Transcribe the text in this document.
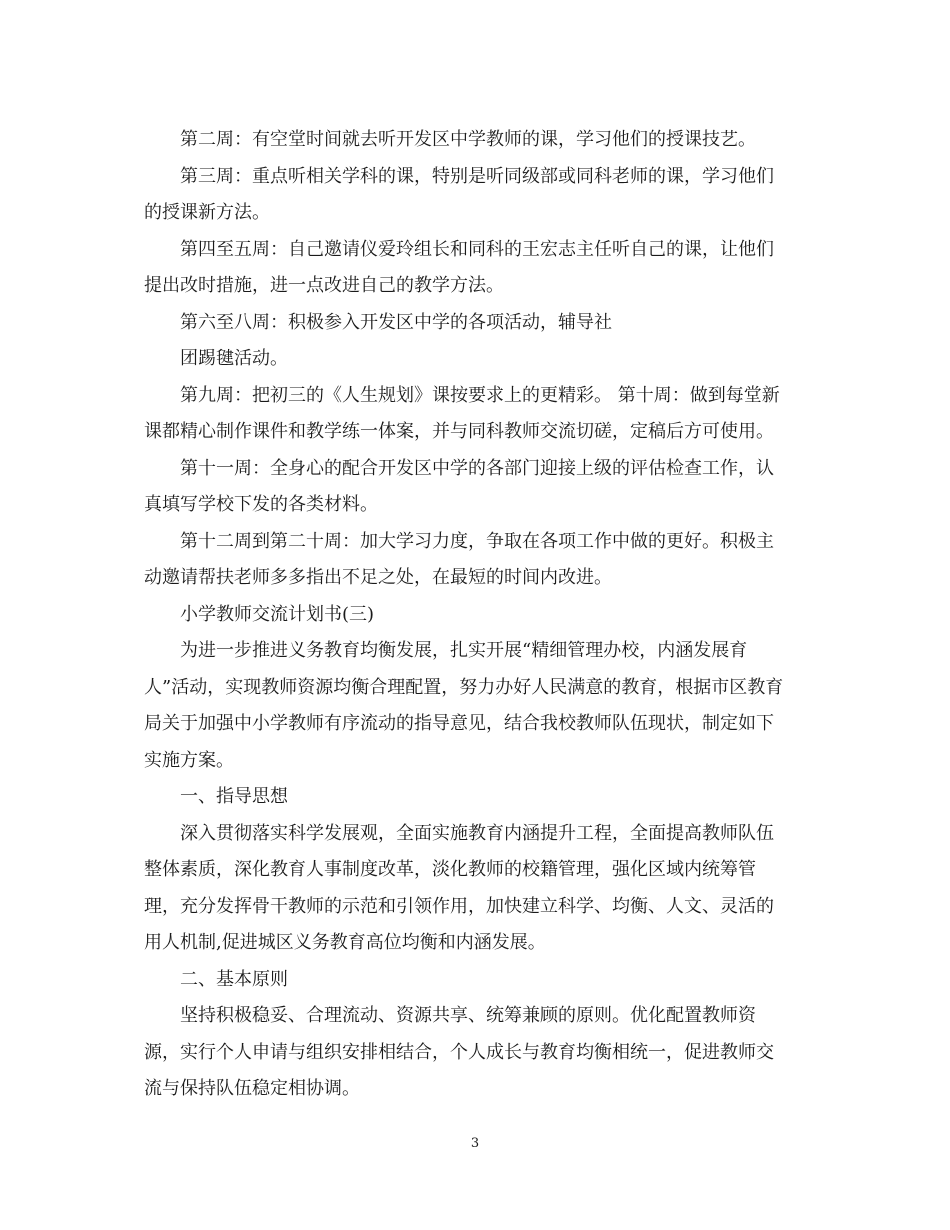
第二周：有空堂时间就去听开发区中学教师的课，学习他们的授课技艺。
第三周：重点听相关学科的课，特别是听同级部或同科老师的课，学习他们
的授课新方法。
第四至五周：自己邀请仪爱玲组长和同科的王宏志主任听自己的课，让他们
提出改时措施，进一点改进自己的教学方法。
第六至八周：积极参入开发区中学的各项活动，辅导社
团踢毽活动。
第九周：把初三的《人生规划》课按要求上的更精彩。 第十周：做到每堂新
课都精心制作课件和教学练一体案，并与同科教师交流切磋，定稿后方可使用。
第十一周：全身心的配合开发区中学的各部门迎接上级的评估检查工作，认
真填写学校下发的各类材料。
第十二周到第二十周：加大学习力度，争取在各项工作中做的更好。积极主
动邀请帮扶老师多多指出不足之处，在最短的时间内改进。
小学教师交流计划书(三)
为进一步推进义务教育均衡发展，扎实开展“精细管理办校，内涵发展育
人”活动，实现教师资源均衡合理配置，努力办好人民满意的教育，根据市区教育
局关于加强中小学教师有序流动的指导意见，结合我校教师队伍现状，制定如下
实施方案。
一、指导思想
深入贯彻落实科学发展观，全面实施教育内涵提升工程，全面提高教师队伍
整体素质，深化教育人事制度改革，淡化教师的校籍管理，强化区域内统筹管
理，充分发挥骨干教师的示范和引领作用，加快建立科学、均衡、人文、灵活的
用人机制,促进城区义务教育高位均衡和内涵发展。
二、基本原则
坚持积极稳妥、合理流动、资源共享、统筹兼顾的原则。优化配置教师资
源，实行个人申请与组织安排相结合，个人成长与教育均衡相统一，促进教师交
流与保持队伍稳定相协调。
3
